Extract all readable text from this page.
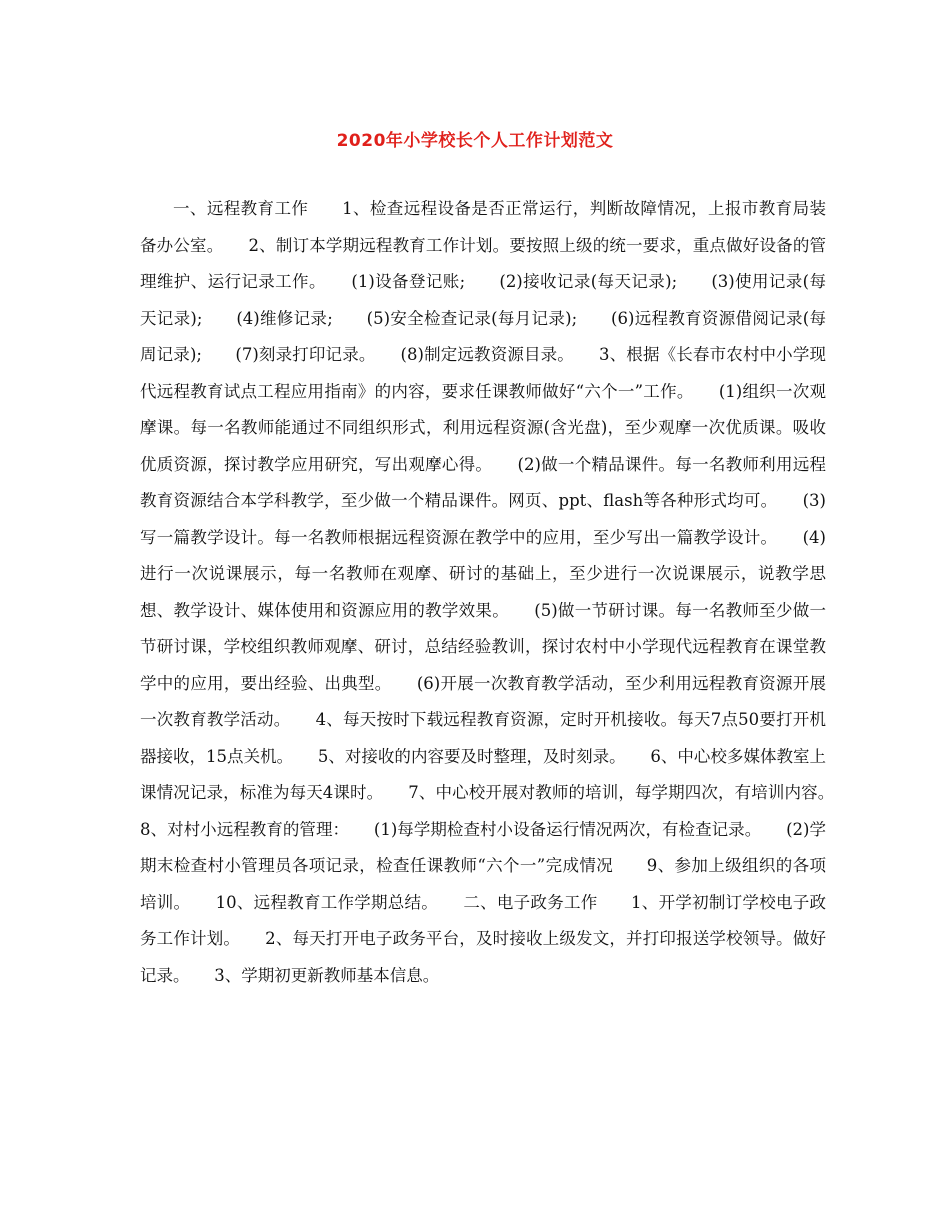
2020年小学校长个人工作计划范文

一、远程教育工作　　1、检查远程设备是否正常运行，判断故障情况，上报市教育局装备办公室。　　2、制订本学期远程教育工作计划。要按照上级的统一要求，重点做好设备的管理维护、运行记录工作。　　(1)设备登记账;　　(2)接收记录(每天记录);　　(3)使用记录(每天记录);　　(4)维修记录;　　(5)安全检查记录(每月记录);　　(6)远程教育资源借阅记录(每周记录);　　(7)刻录打印记录。　　(8)制定远教资源目录。　　3、根据《长春市农村中小学现代远程教育试点工程应用指南》的内容，要求任课教师做好“六个一”工作。　　(1)组织一次观摩课。每一名教师能通过不同组织形式，利用远程资源(含光盘)，至少观摩一次优质课。吸收优质资源，探讨教学应用研究，写出观摩心得。　　(2)做一个精品课件。每一名教师利用远程教育资源结合本学科教学，至少做一个精品课件。网页、ppt、flash等各种形式均可。　　(3)写一篇教学设计。每一名教师根据远程资源在教学中的应用，至少写出一篇教学设计。　　(4)进行一次说课展示，每一名教师在观摩、研讨的基础上，至少进行一次说课展示，说教学思想、教学设计、媒体使用和资源应用的教学效果。　　(5)做一节研讨课。每一名教师至少做一节研讨课，学校组织教师观摩、研讨，总结经验教训，探讨农村中小学现代远程教育在课堂教学中的应用，要出经验、出典型。　　(6)开展一次教育教学活动，至少利用远程教育资源开展一次教育教学活动。　　4、每天按时下载远程教育资源，定时开机接收。每天7点50要打开机器接收，15点关机。　　5、对接收的内容要及时整理，及时刻录。　　6、中心校多媒体教室上课情况记录，标准为每天4课时。　　7、中心校开展对教师的培训，每学期四次，有培训内容。　　8、对村小远程教育的管理：　　(1)每学期检查村小设备运行情况两次，有检查记录。　　(2)学期末检查村小管理员各项记录，检查任课教师“六个一”完成情况　　9、参加上级组织的各项培训。　　10、远程教育工作学期总结。　　二、电子政务工作　　1、开学初制订学校电子政务工作计划。　　2、每天打开电子政务平台，及时接收上级发文，并打印报送学校领导。做好记录。　　3、学期初更新教师基本信息。
